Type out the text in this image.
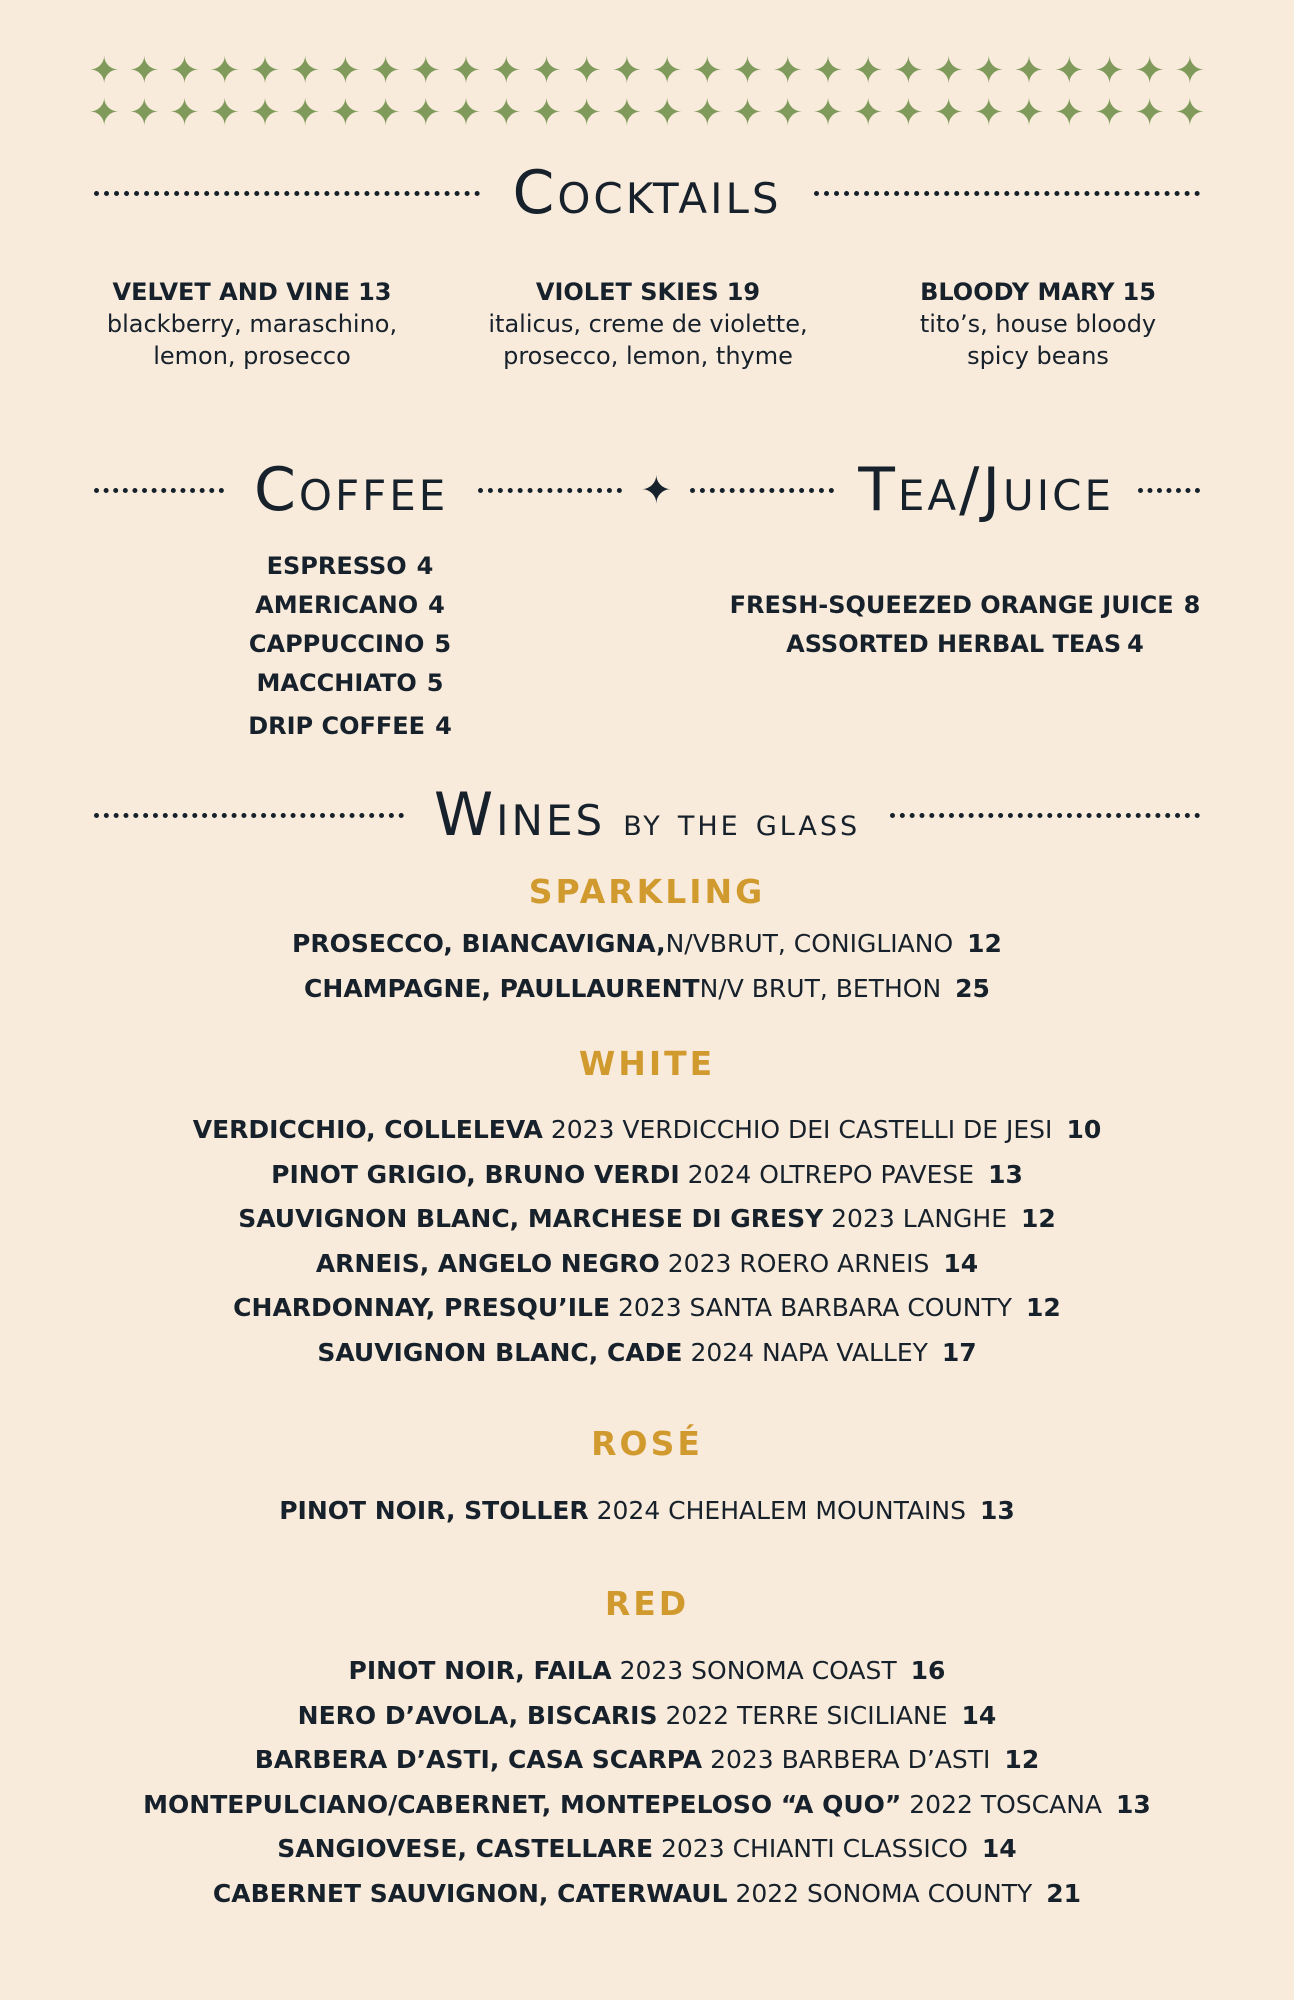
✦ ✦ ✦ ✦ ✦ ✦ ✦ ✦ ✦ ✦ ✦ ✦ ✦ ✦ ✦ ✦ ✦ ✦ ✦ ✦ ✦ ✦ ✦ ✦ ✦ ✦ ✦ ✦
✦ ✦ ✦ ✦ ✦ ✦ ✦ ✦ ✦ ✦ ✦ ✦ ✦ ✦ ✦ ✦ ✦ ✦ ✦ ✦ ✦ ✦ ✦ ✦ ✦ ✦ ✦ ✦
Cocktails
VELVET AND VINE 13
blackberry, maraschino,
lemon, prosecco
VIOLET SKIES 19
italicus, creme de violette,
prosecco, lemon, thyme
BLOODY MARY 15
tito’s, house bloody
spicy beans
Coffee	✦	Tea/Juice
ESPRESSO 4
AMERICANO 4
CAPPUCCINO 5
MACCHIATO 5
DRIP COFFEE 4
FRESH-SQUEEZED ORANGE JUICE 8
ASSORTED HERBAL TEAS 4
Wines by the glass
SPARKLING
PROSECCO, BIANCAVIGNA,N/VBRUT, CONIGLIANO 12
CHAMPAGNE, PAULLAURENTN/V BRUT, BETHON 25
WHITE
VERDICCHIO, COLLELEVA 2023 VERDICCHIO DEI CASTELLI DE JESI 10
PINOT GRIGIO, BRUNO VERDI 2024 OLTREPO PAVESE 13
SAUVIGNON BLANC, MARCHESE DI GRESY 2023 LANGHE 12
ARNEIS, ANGELO NEGRO 2023 ROERO ARNEIS 14
CHARDONNAY, PRESQU’ILE 2023 SANTA BARBARA COUNTY 12
SAUVIGNON BLANC, CADE 2024 NAPA VALLEY 17
ROSÉ
PINOT NOIR, STOLLER 2024 CHEHALEM MOUNTAINS 13
RED
PINOT NOIR, FAILA 2023 SONOMA COAST 16
NERO D’AVOLA, BISCARIS 2022 TERRE SICILIANE 14
BARBERA D’ASTI, CASA SCARPA 2023 BARBERA D’ASTI 12
MONTEPULCIANO/CABERNET, MONTEPELOSO “A QUO” 2022 TOSCANA 13
SANGIOVESE, CASTELLARE 2023 CHIANTI CLASSICO 14
CABERNET SAUVIGNON, CATERWAUL 2022 SONOMA COUNTY 21
